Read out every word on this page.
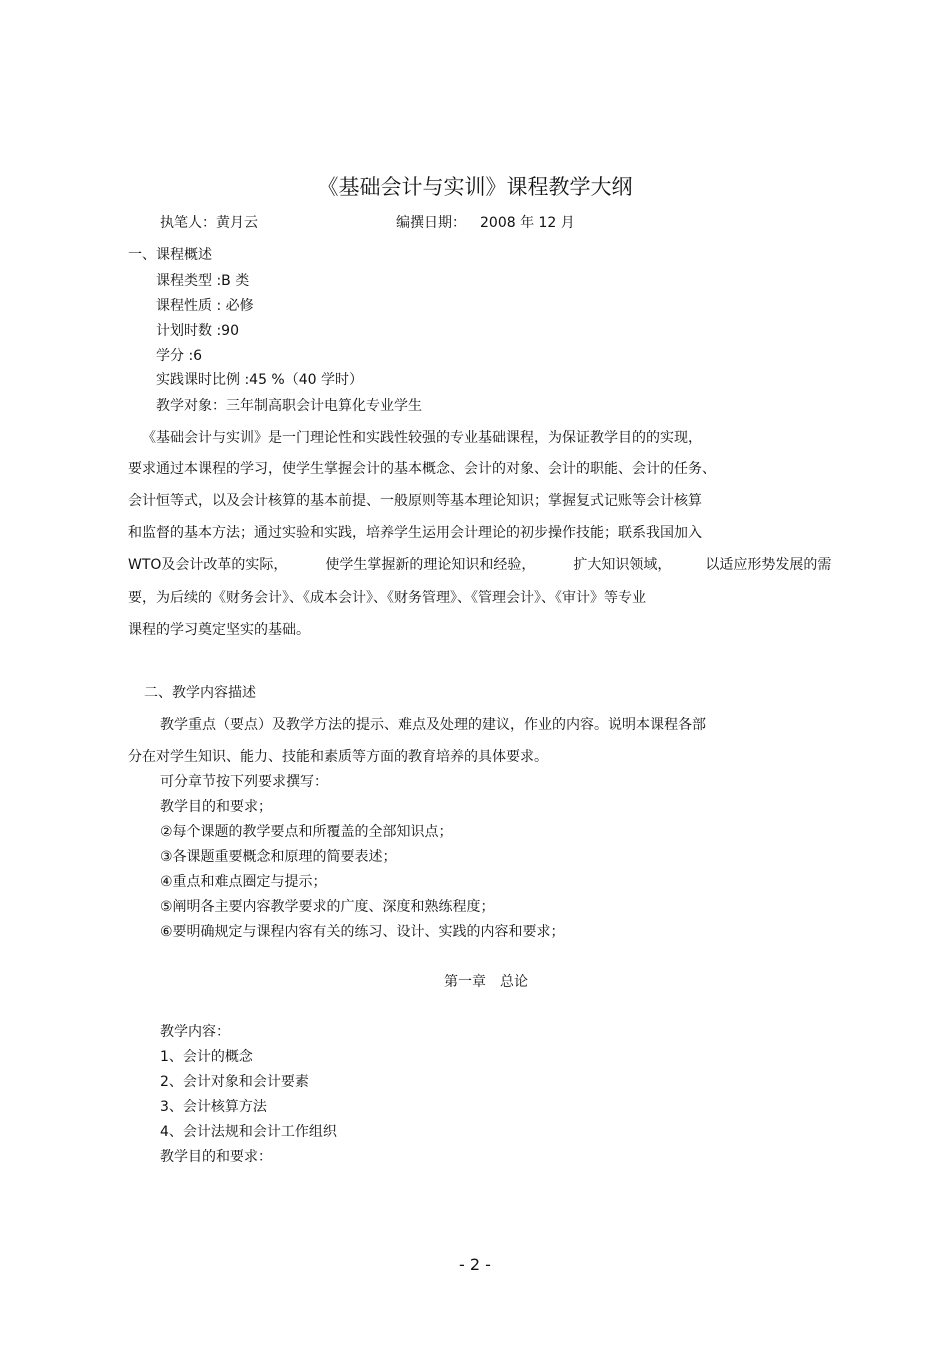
《基础会计与实训》课程教学大纲
执笔人：黄月云	编撰日期： 2008 年 12 月
一、课程概述
课程类型 :B 类
课程性质 : 必修
计划时数 :90
学分 :6
实践课时比例 :45 %（40 学时）
教学对象：三年制高职会计电算化专业学生
《基础会计与实训》是一门理论性和实践性较强的专业基础课程，为保证教学目的的实现，
要求通过本课程的学习，使学生掌握会计的基本概念、会计的对象、会计的职能、会计的任务、
会计恒等式，以及会计核算的基本前提、一般原则等基本理论知识；掌握复式记账等会计核算
和监督的基本方法；通过实验和实践，培养学生运用会计理论的初步操作技能；联系我国加入
WTO及会计改革的实际，	使学生掌握新的理论知识和经验，	扩大知识领域， 以适应形势发展的需
要，为后续的《财务会计》、《成本会计》、《财务管理》、《管理会计》、《审计》等专业
课程的学习奠定坚实的基础。
二、教学内容描述
教学重点（要点）及教学方法的提示、难点及处理的建议，作业的内容。说明本课程各部
分在对学生知识、能力、技能和素质等方面的教育培养的具体要求。
可分章节按下列要求撰写：
教学目的和要求；
②每个课题的教学要点和所覆盖的全部知识点；
③各课题重要概念和原理的简要表述；
④重点和难点圈定与提示；
⑤阐明各主要内容教学要求的广度、深度和熟练程度；
⑥要明确规定与课程内容有关的练习、设计、实践的内容和要求；
第一章　总论
教学内容：
1、会计的概念
2、会计对象和会计要素
3、会计核算方法
4、会计法规和会计工作组织
教学目的和要求：
- 2 -
